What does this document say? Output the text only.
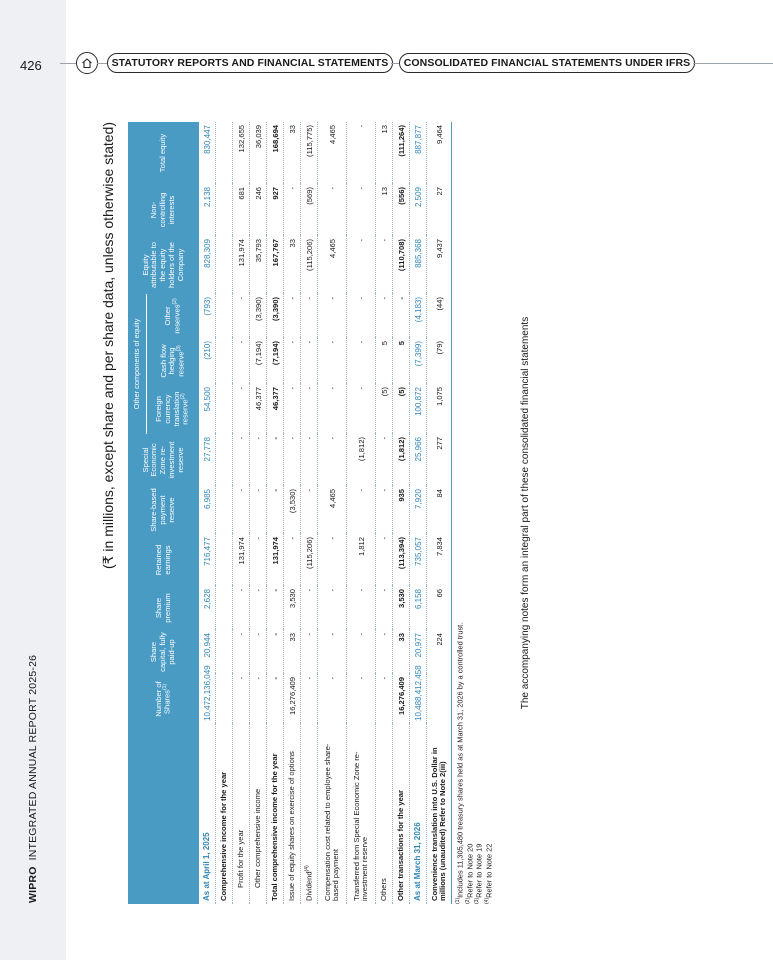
WIPROINTEGRATED ANNUAL REPORT 2025-26
426	STATUTORY REPORTS AND FINANCIAL STATEMENTS	CONSOLIDATED FINANCIAL STATEMENTS UNDER IFRS
(₹ in millions, except share and per share data, unless otherwise stated)
	Number of Shares$^{(1)}$	Share capital, fully paid-up	Share premium	Retained earnings	Share-based payment reserve	Special Economic Zone re-investment reserve	Other components of equity			Equity attributable to the equity holders of the Company	Non-controlling interests	Total equity
							Foreign currency translation reserve$^{(2)}$	Cash flow hedging reserve$^{(3)}$	Other reserves$^{(2)}$
As at April 1, 2025	10,472,136,049	20,944	2,628	716,477	6,985	27,778	54,500	(210)	(793)	828,309	2,138	830,447
Comprehensive income for the year												
Profit for the year	-	-	-	131,974	-	-	-	-	-	131,974	681	132,655
Other comprehensive income	-	-	-	-	-	-	46,377	(7,194)	(3,390)	35,793	246	36,039
Total comprehensive income for the year	-	-	-	131,974	-	-	46,377	(7,194)	(3,390)	167,767	927	168,694
Issue of equity shares on exercise of options	16,276,409	33	3,530	-	(3,530)	-	-	-	-	33	-	33
Dividend$^{(4)}$	-	-	-	(115,206)	-	-	-	-	-	(115,206)	(569)	(115,775)
Compensation cost related to employee share-based payment	-	-	-	-	4,465	-	-	-	-	4,465	-	4,465
Transferred from Special Economic Zone re-investment reserve	-	-	-	1,812	-	(1,812)	-	-	-	-	-	-
Others	-	-	-	-	-	-	(5)	5	-	-	13	13
Other transactions for the year	16,276,409	33	3,530	(113,394)	935	(1,812)	(5)	5	-	(110,708)	(556)	(111,264)
As at March 31, 2026	10,488,412,458	20,977	6,158	735,057	7,920	25,966	100,872	(7,399)	(4,183)	885,368	2,509	887,877
Convenience translation into U.S. Dollar in millions (unaudited) Refer to Note 2(iii)		224	66	7,834	84	277	1,075	(79)	(44)	9,437	27	9,464
$^{(1)}$Includes 11,305,480 treasury shares held as at March 31, 2026 by a controlled trust.
$^{(2)}$Refer to Note 20
$^{(3)}$Refer to Note 19
$^{(4)}$Refer to Note 22
The accompanying notes form an integral part of these consolidated financial statements
